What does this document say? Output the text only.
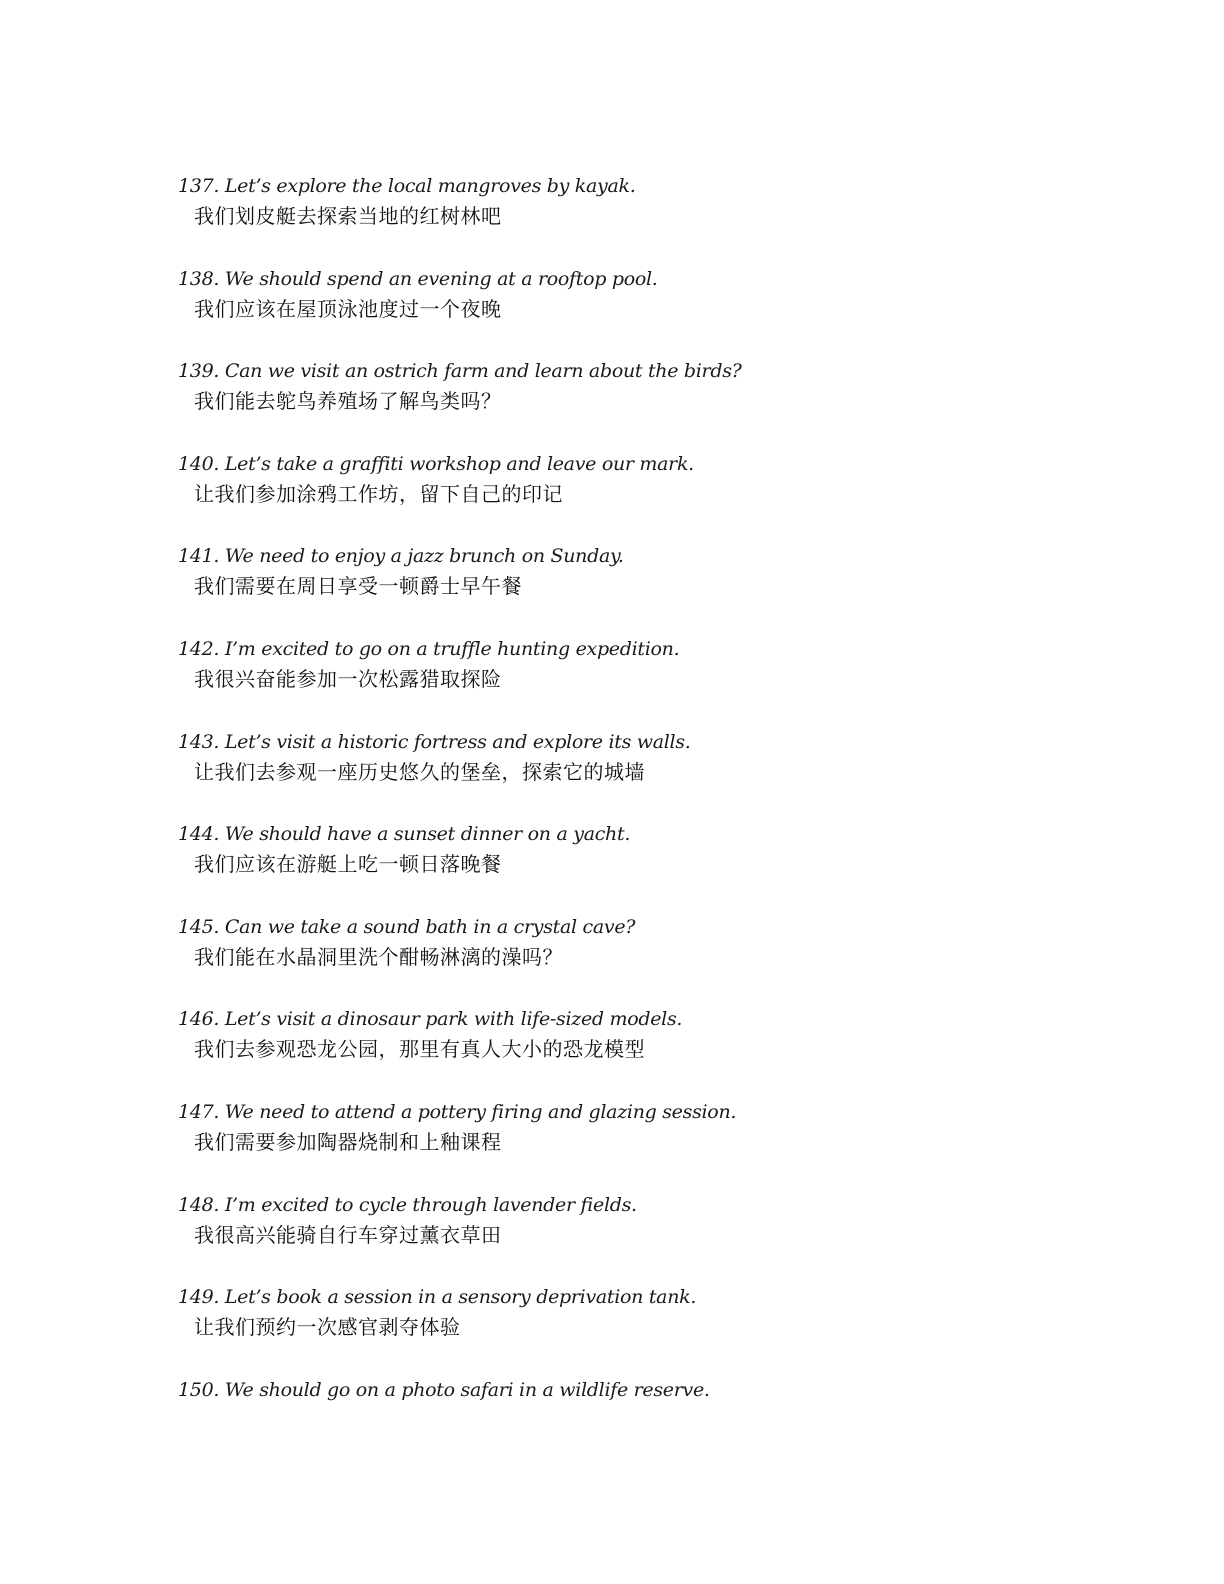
137. Let’s explore the local mangroves by kayak.
我们划皮艇去探索当地的红树林吧
138. We should spend an evening at a rooftop pool.
我们应该在屋顶泳池度过一个夜晚
139. Can we visit an ostrich farm and learn about the birds?
我们能去鸵鸟养殖场了解鸟类吗？
140. Let’s take a graffiti workshop and leave our mark.
让我们参加涂鸦工作坊，留下自己的印记
141. We need to enjoy a jazz brunch on Sunday.
我们需要在周日享受一顿爵士早午餐
142. I’m excited to go on a truffle hunting expedition.
我很兴奋能参加一次松露猎取探险
143. Let’s visit a historic fortress and explore its walls.
让我们去参观一座历史悠久的堡垒，探索它的城墙
144. We should have a sunset dinner on a yacht.
我们应该在游艇上吃一顿日落晚餐
145. Can we take a sound bath in a crystal cave?
我们能在水晶洞里洗个酣畅淋漓的澡吗？
146. Let’s visit a dinosaur park with life-sized models.
我们去参观恐龙公园，那里有真人大小的恐龙模型
147. We need to attend a pottery firing and glazing session.
我们需要参加陶器烧制和上釉课程
148. I’m excited to cycle through lavender fields.
我很高兴能骑自行车穿过薰衣草田
149. Let’s book a session in a sensory deprivation tank.
让我们预约一次感官剥夺体验
150. We should go on a photo safari in a wildlife reserve.
